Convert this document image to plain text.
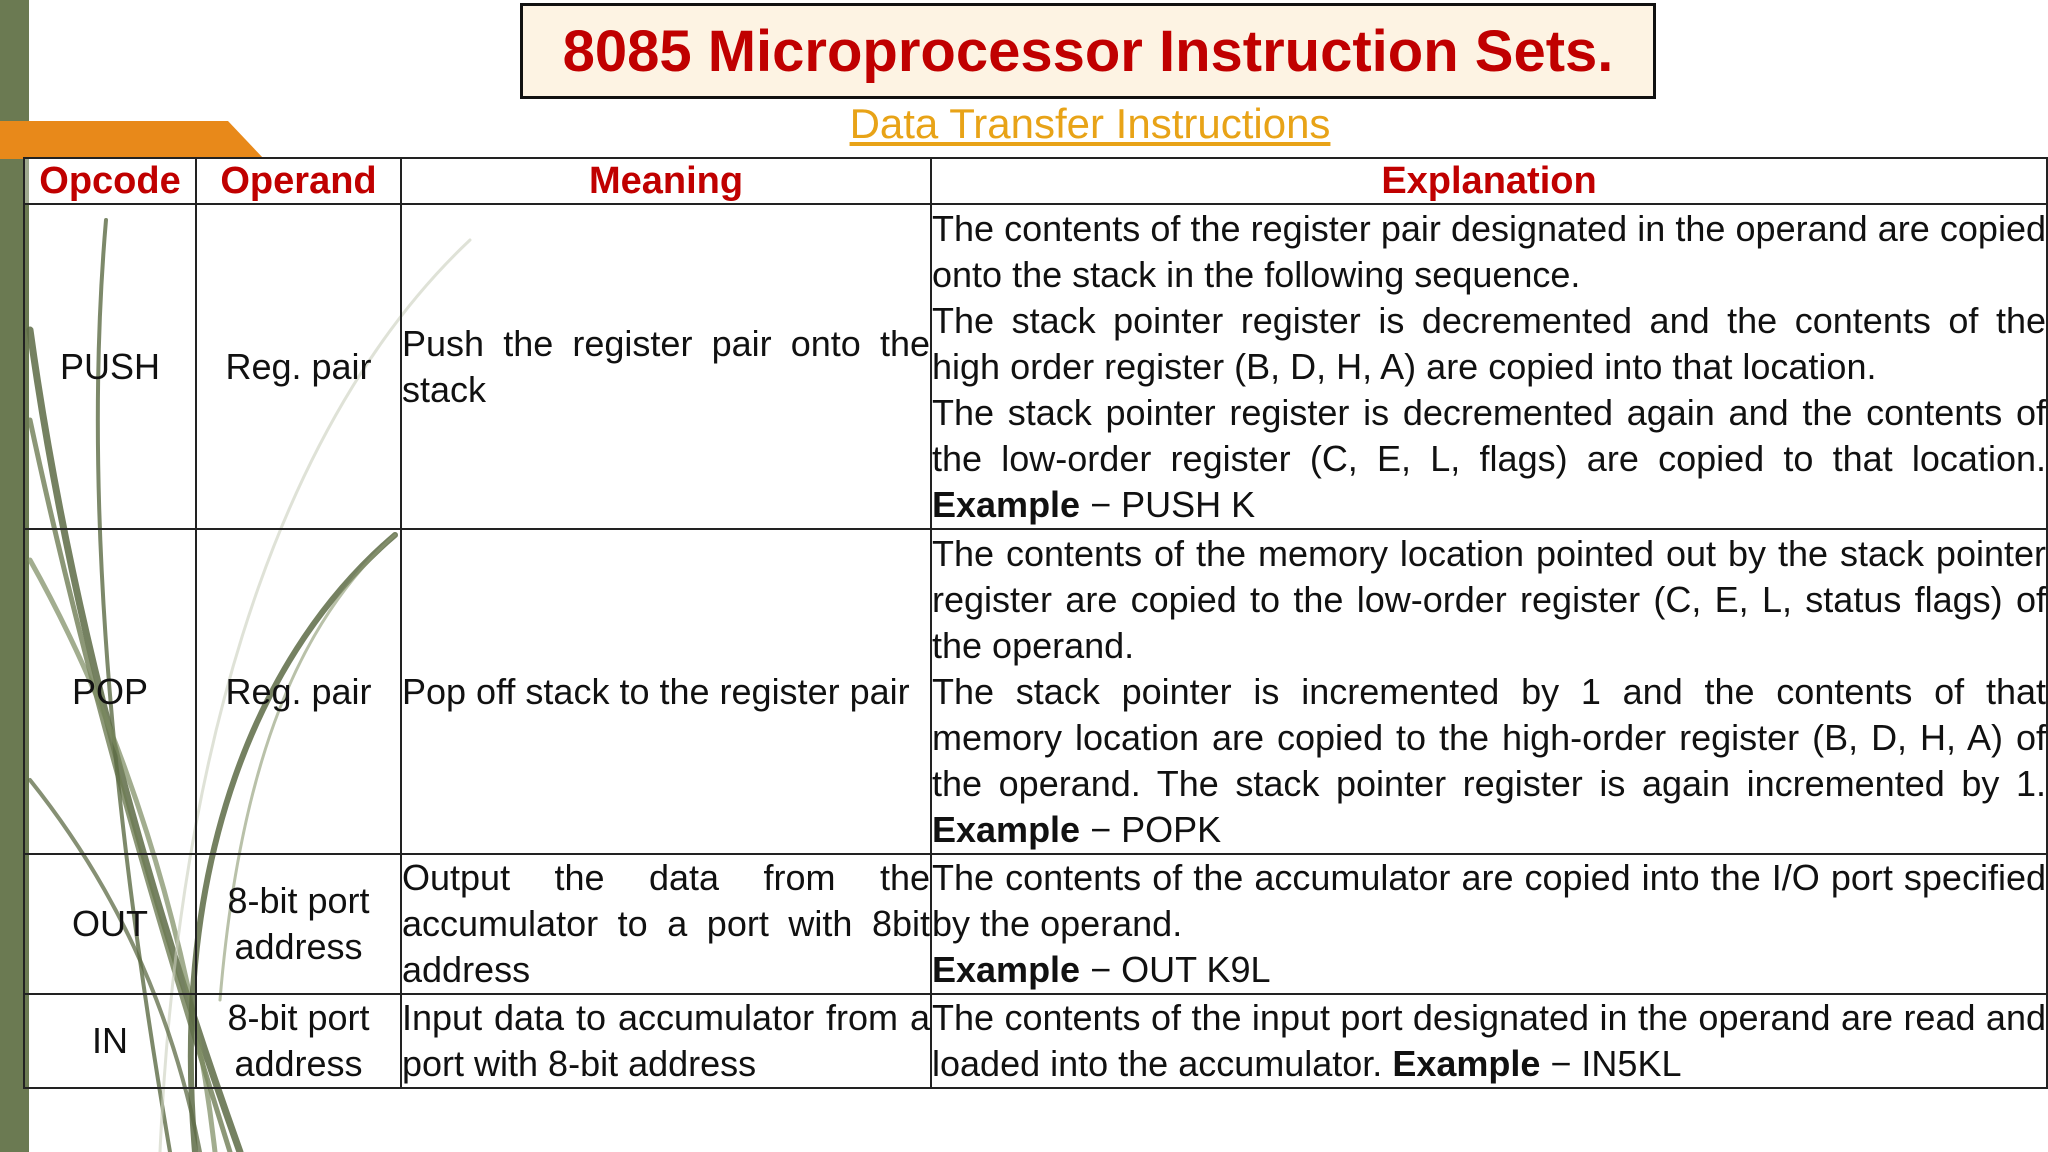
8085 Microprocessor Instruction Sets.
Data Transfer Instructions
Opcode	Operand	Meaning	Explanation
PUSH	Reg. pair	Push the register pair onto the stack	The contents of the register pair designated in the operand are copied onto the stack in the following sequence.
The stack pointer register is decremented and the contents of the high order register (B, D, H, A) are copied into that location.
The stack pointer register is decremented again and the contents of the low-order register (C, E, L, flags) are copied to that location. Example − PUSH K

POP	Reg. pair	Pop off stack to the register pair	The contents of the memory location pointed out by the stack pointer register are copied to the low-order register (C, E, L, status flags) of the operand.
The stack pointer is incremented by 1 and the contents of that memory location are copied to the high-order register (B, D, H, A) of the operand. The stack pointer register is again incremented by 1. Example − POPK

OUT	8-bit port address	Output the data from the accumulator to a port with 8bit address	The contents of the accumulator are copied into the I/O port specified by the operand.
Example − OUT K9L

IN	8-bit port address	Input data to accumulator from a port with 8-bit address	The contents of the input port designated in the operand are read and loaded into the accumulator. Example − IN5KL
